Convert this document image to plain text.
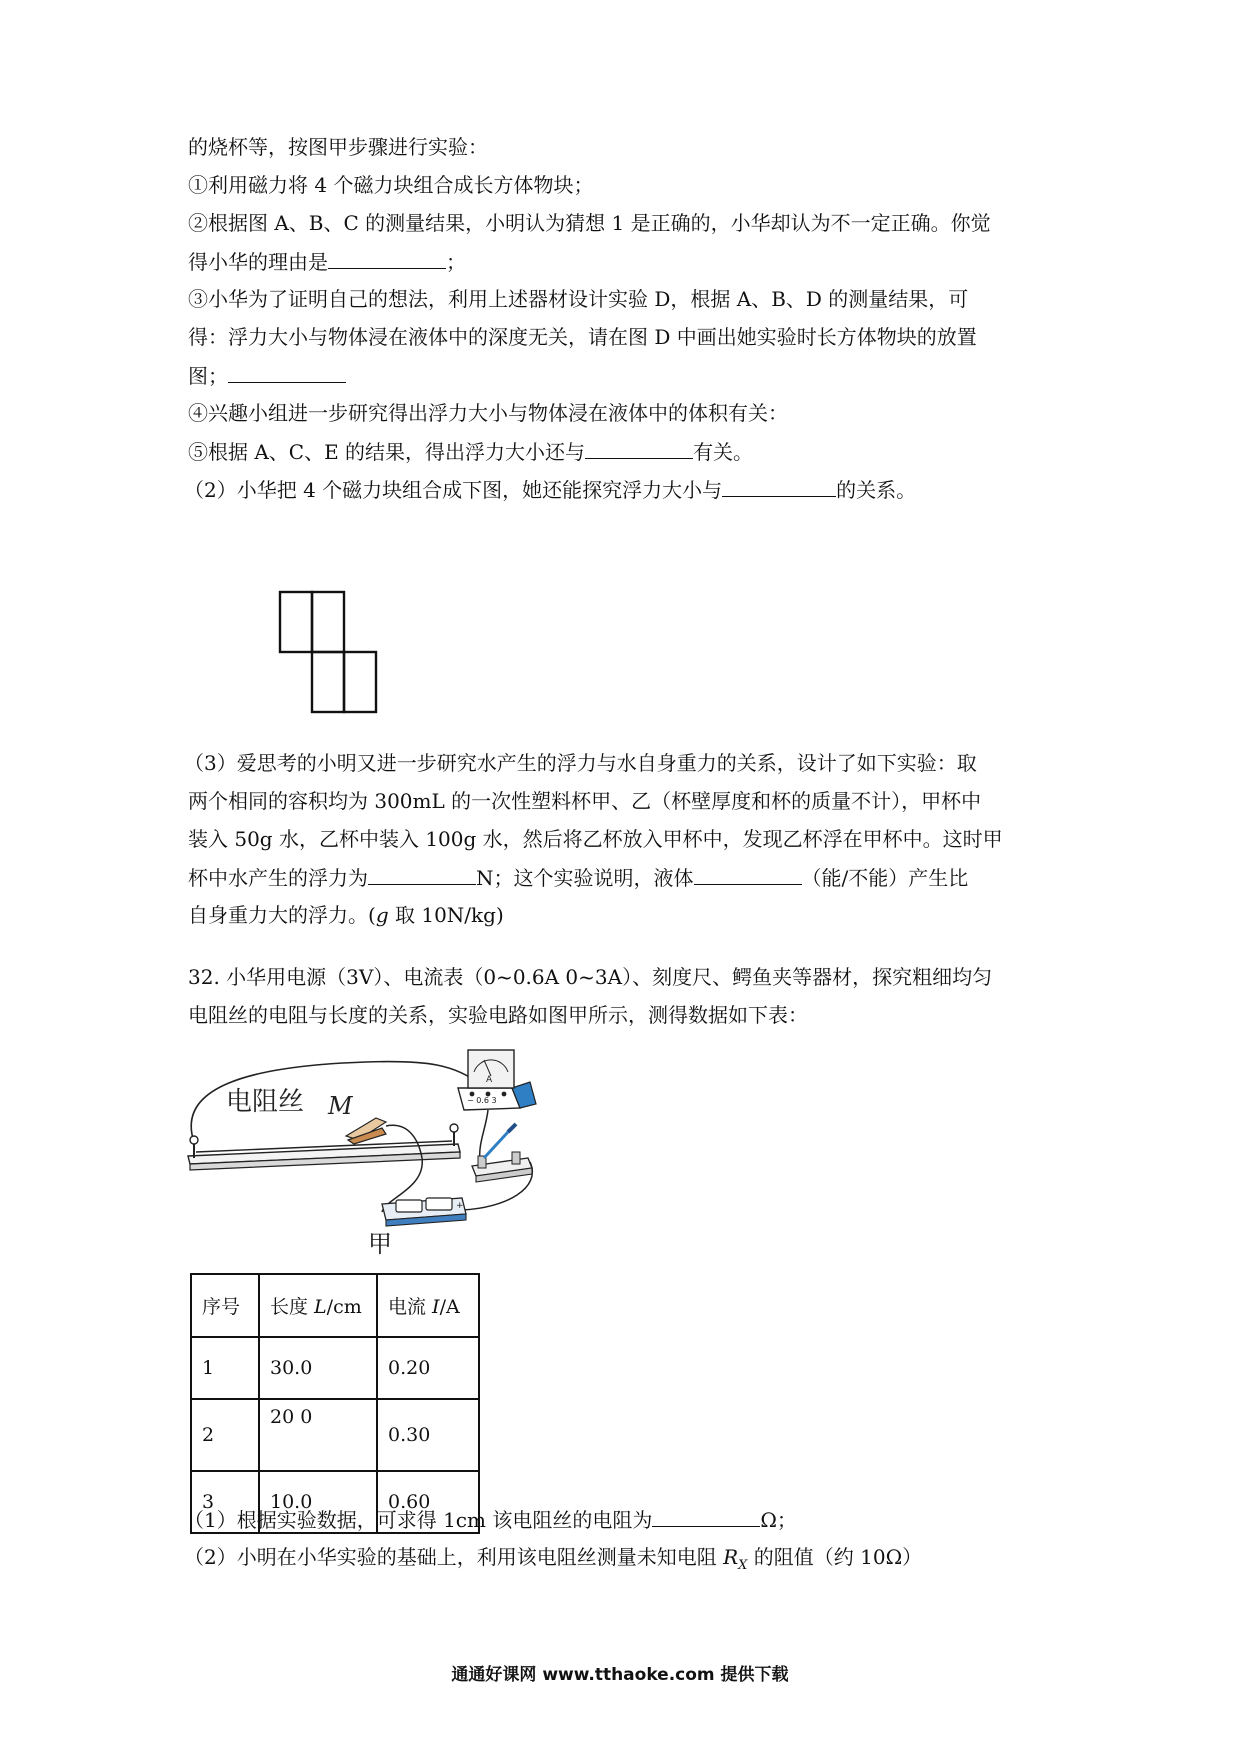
的烧杯等，按图甲步骤进行实验：
①利用磁力将 4 个磁力块组合成长方体物块；
②根据图 A、B、C 的测量结果，小明认为猜想 1 是正确的，小华却认为不一定正确。你觉
得小华的理由是	；
③小华为了证明自己的想法，利用上述器材设计实验 D，根据 A、B、D 的测量结果，可
得：浮力大小与物体浸在液体中的深度无关，请在图 D 中画出她实验时长方体物块的放置
图；
④兴趣小组进一步研究得出浮力大小与物体浸在液体中的体积有关：
⑤根据 A、C、E 的结果，得出浮力大小还与	有关。
（2）小华把 4 个磁力块组合成下图，她还能探究浮力大小与	的关系。
（3）爱思考的小明又进一步研究水产生的浮力与水自身重力的关系，设计了如下实验：取
两个相同的容积均为 300mL 的一次性塑料杯甲、乙（杯壁厚度和杯的质量不计），甲杯中
装入 50g 水，乙杯中装入 100g 水，然后将乙杯放入甲杯中，发现乙杯浮在甲杯中。这时甲
杯中水产生的浮力为	N；这个实验说明，液体	（能/不能）产生比
自身重力大的浮力。(g 取 10N/kg)
32. 小华用电源（3V）、电流表（0~0.6A 0~3A）、刻度尺、鳄鱼夹等器材，探究粗细均匀
电阻丝的电阻与长度的关系，实验电路如图甲所示，测得数据如下表：
电阻丝 M
A
− 0.6 3
+
甲
序号	长度 L/cm	电流 I/A
1	30.0	0.20
2	20 0	0.30
3	10.0	0.60
（1）根据实验数据，可求得 1cm 该电阻丝的电阻为	Ω；
（2）小明在小华实验的基础上，利用该电阻丝测量未知电阻 $R_X$ 的阻值（约 10Ω）
通通好课网 www.tthaoke.com 提供下载
